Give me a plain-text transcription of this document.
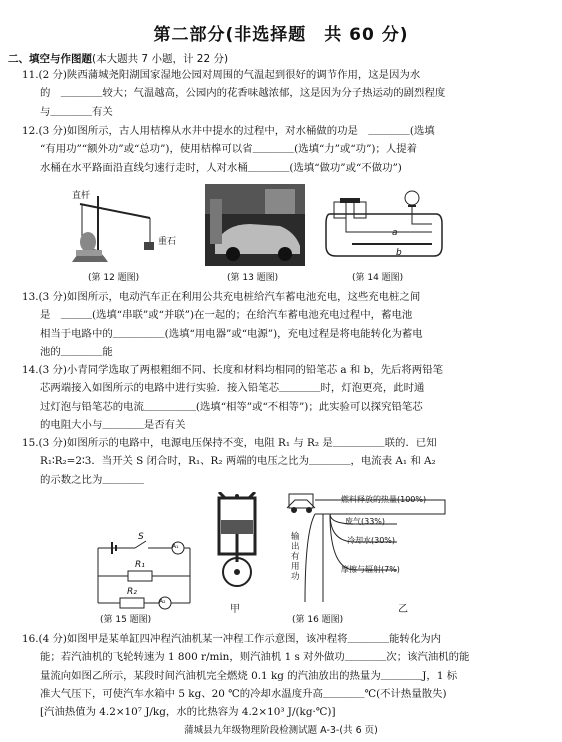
第二部分(非选择题　共 60 分)
二、填空与作图题(本大题共 7 小题，计 22 分)

11.(2 分)陕西蒲城尧阳湖国家湿地公园对周围的气温起到很好的调节作用，这是因为水

的　＿＿＿＿较大；气温越高，公园内的花香味越浓郁，这是因为分子热运动的剧烈程度

与＿＿＿＿有关

12.(3 分)如图所示，古人用桔槔从水井中提水的过程中，对水桶做的功是　＿＿＿＿(选填

“有用功”“额外功”或“总功”)，使用桔槔可以省＿＿＿＿(选填“力”或“功”)；人提着

水桶在水平路面沿直线匀速行走时，人对水桶＿＿＿＿(选填“做功”或“不做功”)

直杆
重石
(第 12 题图)	(第 13 题图)
a
b
(第 14 题图)

13.(3 分)如图所示，电动汽车正在利用公共充电桩给汽车蓄电池充电，这些充电桩之间

是　＿＿＿(选填“串联”或“并联”)在一起的；在给汽车蓄电池充电过程中，蓄电池

相当于电路中的＿＿＿＿＿(选填“用电器”或“电源”)，充电过程是将电能转化为蓄电

池的＿＿＿＿能

14.(3 分)小青同学选取了两根粗细不同、长度和材料均相同的铅笔芯 a 和 b，先后将两铅笔

芯两端接入如图所示的电路中进行实验．接入铅笔芯＿＿＿＿时，灯泡更亮，此时通

过灯泡与铅笔芯的电流＿＿＿＿＿(选填“相等”或“不相等”)；此实验可以探究铅笔芯

的电阻大小与＿＿＿＿是否有关

15.(3 分)如图所示的电路中，电源电压保持不变，电阻 R₁ 与 R₂ 是＿＿＿＿＿联的．已知

R₁∶R₂=2∶3．当开关 S 闭合时，R₁、R₂ 两端的电压之比为＿＿＿＿，电流表 A₁ 和 A₂

的示数之比为＿＿＿＿

S
A₁
R₁
R₂
A₂
(第 15 题图)
甲
燃料释放的热量(100%)
废气(33%)
冷却水(30%)
摩擦与辐射(7%)
输出有用功
(第 16 题图)
乙

16.(4 分)如图甲是某单缸四冲程汽油机某一冲程工作示意图，该冲程将＿＿＿＿能转化为内

能；若汽油机的飞轮转速为 1 800 r/min，则汽油机 1 s 对外做功＿＿＿＿次；该汽油机的能

量流向如图乙所示，某段时间汽油机完全燃烧 0.1 kg 的汽油放出的热量为＿＿＿＿J，1 标

准大气压下，可使汽车水箱中 5 kg、20 ℃的冷却水温度升高＿＿＿＿℃(不计热量散失)

[汽油热值为 4.2×10⁷ J/kg，水的比热容为 4.2×10³ J/(kg·℃)]

蒲城县九年级物理阶段检测试题 A-3-(共 6 页)
